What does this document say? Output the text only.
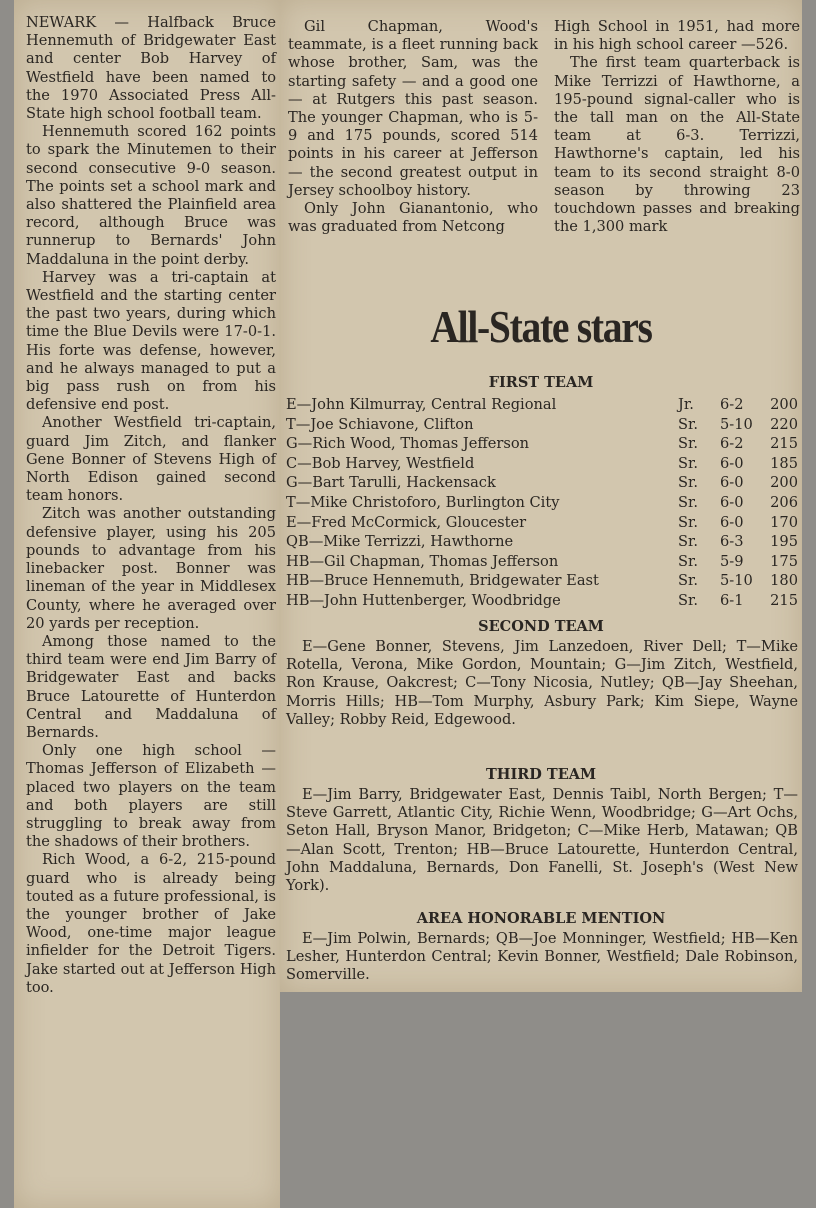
NEWARK — Halfback Bruce Hennemuth of Bridgewater East and center Bob Harvey of Westfield have been named to the 1970 Associated Press All-State high school football team.

Hennemuth scored 162 points to spark the Minutemen to their second consecutive 9-0 season. The points set a school mark and also shattered the Plainfield area record, although Bruce was runnerup to Bernards' John Maddaluna in the point derby.

Harvey was a tri-captain at Westfield and the starting center the past two years, during which time the Blue Devils were 17-0-1. His forte was defense, however, and he always managed to put a big pass rush on from his defensive end post.

Another Westfield tri-captain, guard Jim Zitch, and flanker Gene Bonner of Stevens High of North Edison gained second team honors.

Zitch was another outstanding defensive player, using his 205 pounds to advantage from his linebacker post. Bonner was lineman of the year in Middlesex County, where he averaged over 20 yards per reception.

Among those named to the third team were end Jim Barry of Bridgewater East and backs Bruce Latourette of Hunterdon Central and Maddaluna of Bernards.

Only one high school — Thomas Jefferson of Elizabeth — placed two players on the team and both players are still struggling to break away from the shadows of their brothers.

Rich Wood, a 6-2, 215-pound guard who is already being touted as a future professional, is the younger brother of Jake Wood, one-time major league infielder for the Detroit Tigers. Jake started out at Jefferson High too.

Gil Chapman, Wood's teammate, is a fleet running back whose brother, Sam, was the starting safety — and a good one — at Rutgers this past season. The younger Chapman, who is 5-9 and 175 pounds, scored 514 points in his career at Jefferson — the second greatest output in Jersey schoolboy history.

Only John Gianantonio, who was graduated from Netcong

High School in 1951, had more in his high school career —526.

The first team quarterback is Mike Terrizzi of Hawthorne, a 195-pound signal-caller who is the tall man on the All-State team at 6-3. Terrizzi, Hawthorne's captain, led his team to its second straight 8-0 season by throwing 23 touchdown passes and breaking the 1,300 mark

All-State stars
FIRST TEAM
E—John Kilmurray, Central Regional	Jr.	6-2	200
T—Joe Schiavone, Clifton	Sr.	5-10	220
G—Rich Wood, Thomas Jefferson	Sr.	6-2	215
C—Bob Harvey, Westfield	Sr.	6-0	185
G—Bart Tarulli, Hackensack	Sr.	6-0	200
T—Mike Christoforo, Burlington City	Sr.	6-0	206
E—Fred McCormick, Gloucester	Sr.	6-0	170
QB—Mike Terrizzi, Hawthorne	Sr.	6-3	195
HB—Gil Chapman, Thomas Jefferson	Sr.	5-9	175
HB—Bruce Hennemuth, Bridgewater East	Sr.	5-10	180
HB—John Huttenberger, Woodbridge	Sr.	6-1	215
SECOND TEAM

E—Gene Bonner, Stevens, Jim Lanzedoen, River Dell; T—Mike Rotella, Verona, Mike Gordon, Mountain; G—Jim Zitch, Westfield, Ron Krause, Oakcrest; C—Tony Nicosia, Nutley; QB—Jay Sheehan, Morris Hills; HB—Tom Murphy, Asbury Park; Kim Siepe, Wayne Valley; Robby Reid, Edgewood.

THIRD TEAM

E—Jim Barry, Bridgewater East, Dennis Taibl, North Bergen; T—Steve Garrett, Atlantic City, Richie Wenn, Woodbridge; G—Art Ochs, Seton Hall, Bryson Manor, Bridgeton; C—Mike Herb, Matawan; QB—Alan Scott, Trenton; HB—Bruce Latourette, Hunterdon Central, John Maddaluna, Bernards, Don Fanelli, St. Joseph's (West New York).

AREA HONORABLE MENTION

E—Jim Polwin, Bernards; QB—Joe Monninger, Westfield; HB—Ken Lesher, Hunterdon Central; Kevin Bonner, Westfield; Dale Robinson, Somerville.
